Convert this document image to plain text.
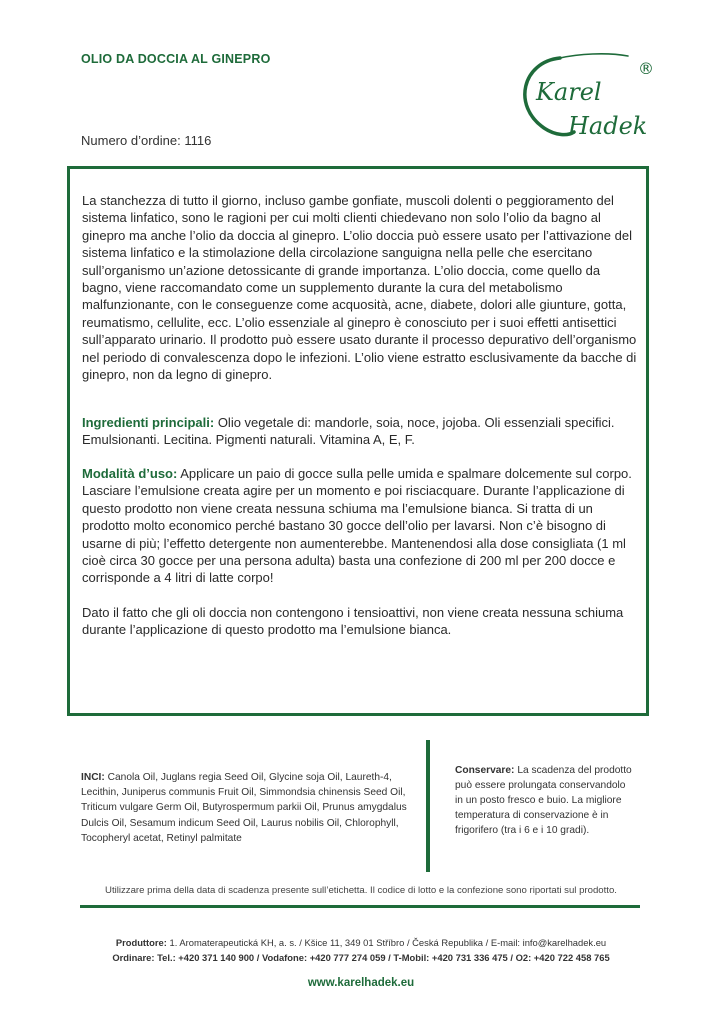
OLIO DA DOCCIA AL GINEPRO
Karel
Hadek
®
Numero d’ordine: 1116

La stanchezza di tutto il giorno, incluso gambe gonfiate, muscoli dolenti o peggioramento del sistema linfatico, sono le ragioni per cui molti clienti chiedevano non solo l’olio da bagno al ginepro ma anche l’olio da doccia al ginepro. L’olio doccia può essere usato per l’attivazione del sistema linfatico e la stimolazione della circolazione sanguigna nella pelle che esercitano sull’organismo un’azione detossicante di grande importanza. L’olio doccia, come quello da bagno, viene raccomandato come un supplemento durante la cura del metabolismo malfunzionante, con le conseguenze come acquosità, acne, diabete, dolori alle giunture, gotta, reumatismo, cellulite, ecc. L’olio essenziale al ginepro è conosciuto per i suoi effetti antisettici sull’apparato urinario. Il prodotto può essere usato durante il processo depurativo dell’organismo nel periodo di convalescenza dopo le infezioni. L’olio viene estratto esclusivamente da bacche di ginepro, non da legno di ginepro.

Ingredienti principali: Olio vegetale di: mandorle, soia, noce, jojoba. Oli essenziali specifici. Emulsionanti. Lecitina. Pigmenti naturali. Vitamina A, E, F.

Modalità d’uso: Applicare un paio di gocce sulla pelle umida e spalmare dolcemente sul corpo. Lasciare l’emulsione creata agire per un momento e poi risciacquare. Durante l’applicazione di questo prodotto non viene creata nessuna schiuma ma l’emulsione bianca. Si tratta di un prodotto molto economico perché bastano 30 gocce dell’olio per lavarsi. Non c’è bisogno di usarne di più; l’effetto detergente non aumenterebbe. Mantenendosi alla dose consigliata (1 ml cioè circa 30 gocce per una persona adulta) basta una confezione di 200 ml per 200 docce e corrisponde a 4 litri di latte corpo!

Dato il fatto che gli oli doccia non contengono i tensioattivi, non viene creata nessuna schiuma durante l’applicazione di questo prodotto ma l’emulsione bianca.

INCI: Canola Oil, Juglans regia Seed Oil, Glycine soja Oil, Laureth-4, Lecithin, Juniperus communis Fruit Oil, Simmondsia chinensis Seed Oil, Triticum vulgare Germ Oil, Butyrospermum parkii Oil, Prunus amygdalus Dulcis Oil, Sesamum indicum Seed Oil, Laurus nobilis Oil, Chlorophyll, Tocopheryl acetat, Retinyl palmitate
Conservare: La scadenza del prodotto può essere prolungata conservandolo in un posto fresco e buio. La migliore temperatura di conservazione è in frigorifero (tra i 6 e i 10 gradi).
Utilizzare prima della data di scadenza presente sull’etichetta. Il codice di lotto e la confezione sono riportati sul prodotto.
Produttore: 1. Aromaterapeutická KH, a. s. / Kšice 11, 349 01 Stříbro / Česká Republika / E-mail: info@karelhadek.eu
Ordinare: Tel.: +420 371 140 900 / Vodafone: +420 777 274 059 / T-Mobil: +420 731 336 475 / O2: +420 722 458 765
www.karelhadek.eu
